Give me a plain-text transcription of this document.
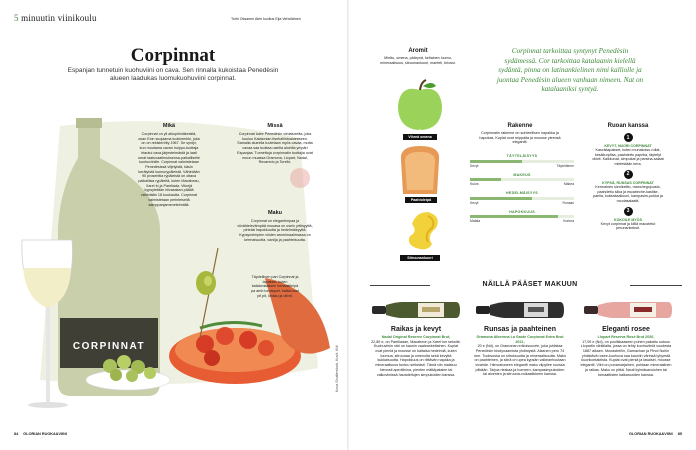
5 minuutin viinikoulu	Torhi Oksanen Alén kuvitus Eija Vehviläinen
Corpinnat
Espanjan tunnetuin kuohuviini on cava. Sen rinnalla kukoistaa Penedèsin alueen laadukas luomukuohuviini corpinnat.
CORPINNAT
Mikä
Corpinnat on yli alkupirinläkeisitä, osan Ecin suojaama luokimerkki, joka on on rekisteröity 1967. Se syntyi, kun muutama cavan huippu-tuottaja irtautui cava-järjestelmästä ja laati omat laatuvaatimuksensa-paikalliselle kuohuviinille. Corpinnat valmistetaan Penedèsissä viljelyistä, käsin kerätyistä luomurypäleistä. Vähintään 90 prosenttia rypäleistä on oltava paikallisia rypäleitä, kuten Macabeau, Xarel·lo ja Parellada. Viinejä kypsytetään hiivasakan päällä vähintään 18 kuukautta. Corpinnat valmistetaan perinteisellä samppanjamenetelmällä.
Missä
Corpinnat tulee Penedèsin viinialueelta, joka kuuluu Katalonian itsehallintoalueeseen. Samalla alueella tuotetaan myös cavaa, mutta cavaa saa tuottaa useilla alueilla ympäri Espanjaa. Tunnettuja corpinnatin tuottajia ovat muun muassa Gramona, Llopart, Nadal, Recaredo ja Torelló.
Maku
Corpinnat on elegantimpaa ja viivähtelevämpää muuasa on usein yrttisyyttä, pirteää hapokkuutta ja hedelmäisyyttä. Kypsyneimpien viinien aromimaailmassa on kermaisuutta, vanilja ja paahteisuutta.
Täydellinen pari Corpinnat ja tapaksel, kuten katalonialaisen tomaattileipä pa amb tomàquet, kalkaruoat pit pit, kinkku ja oliivit.
Kuva Shutterstock, Kuvit: Kiiti
Aromit
Minttu, omena, päärynä, keltainen luumu, mineraalisuus, sitruunankuori, manteli, briossi.
Vihreä omena
Paahtoleipä
Sitruunankuori
Corpinnat tarkoittaa syntynyt Penedèsin sydämessä. Cor tarkoittaa katalaanin kielellä sydäntä, pinna on latinankielinen nimi kalliolle ja juontaa Penedèsin alueen vanhaan nimeen. Nat on katalaaniksi syntyä.
Rakenne
Corpinnatin rakenne on suhteellisen napakka ja hapokas. Kuplat ovat reippaita ja mousse yleensä elegantti.
TÄYTELÄISYYS
Kevyt	Täyteläinen
MAKEUS
Kuiva	Makea
HEDELMÄISYYS
Kevyt	Runsas
HAPOKKUUS
Matala	Korkea
Ruoan kanssa
1
KEVYT, NUORI CORPINNAT
Kasvistapakset, kuten munakoiso-rullat, kesäkurpitsa, paahdettu paprika, täytetyt oliivit. Kalkkunat, simpukat ja parsina-salaat mielestään kera.
2
KYPSÄ, RUNSAS CORPINNAT
Kermainen sienikeitto, manchegojuusto, paahdettu siika ja escabeche-kastike, paella, kukkakaaliuuni, kampasim-pukka ja rucolasalaatti.
3
KOKOILE MYÖS
Kevyt corpinnat ja kiillä maustetut perunankeksit.
NÄILLÄ PÄÄSET MAKUUN
Raikas ja kevyt
Nadal Original Reserve Corpinnat Brut,
22,89 e, on Parelladan, Macabeon ja Xarel·lon sekoite. Kuohuviinin väri on kaunin vaaleankeltainen. Kuplat ovat pieniä ja mousse on kaltaisa hedelmiä, kuten luumua, sitruunaa ja omenoita sekä kevyttä kukkaisuutta. Hapokkuus on riittävän napaka ja mineraalisuus tuntuu selkeästi. Tämä viin maistuu hienosti aperitiivina, pienten mättäpalaien tai valkoviinissä haututeltujen simpukoiden kanssa.
Runsas ja paahteinen
Gramona Alberona La Gaste Corpinnat Extra Brut 2021,
20 e (Nd), on Gramonan erikoiscuvée, joka juhlistaa Penedèsin biodynaamista yhdistystä. Aikanen pero 74 mm. Tuoksussa on sitruksuutta ja mineraalisuutta. Maku on paahteinen, ja siinä on upea kypsän valkeanhuutaan vivahde. Hienostuneen elegantti maku viipyilee suussa pitkään. Tarjoa rieskaa ja homeen, kampasimpukoiden tai alvenien ja sitruuna-voikastikkeen kanssa.
Eleganti rosee
Llopart Reserva Rosé Brut 2020,
17,09 e (Nd), on puolikkaaseen puhen pakattu uutuus Llopartin viinitilalta, jossa on tehty kuohuviiniä vuodesta 1887 alkaen. Monastrellin, Garnachan ja Pinot Noirin yhdistävä rosee-kuohuva saa kauniin värinsä lyhyestä kuorikontaktista. Kuplat ovat pieniä ja lasaisei, mousse elegantti. Viini on punamarjainen, puhtaan mineraalinen ja raikas. Maku on pitkä. Nauti kylmäsavulohen tai tomaattisten kalkaruoiden kanssa.
84 GLORIAN RUOKA&VIINI	GLORIAN RUOKA&VIINI 85
